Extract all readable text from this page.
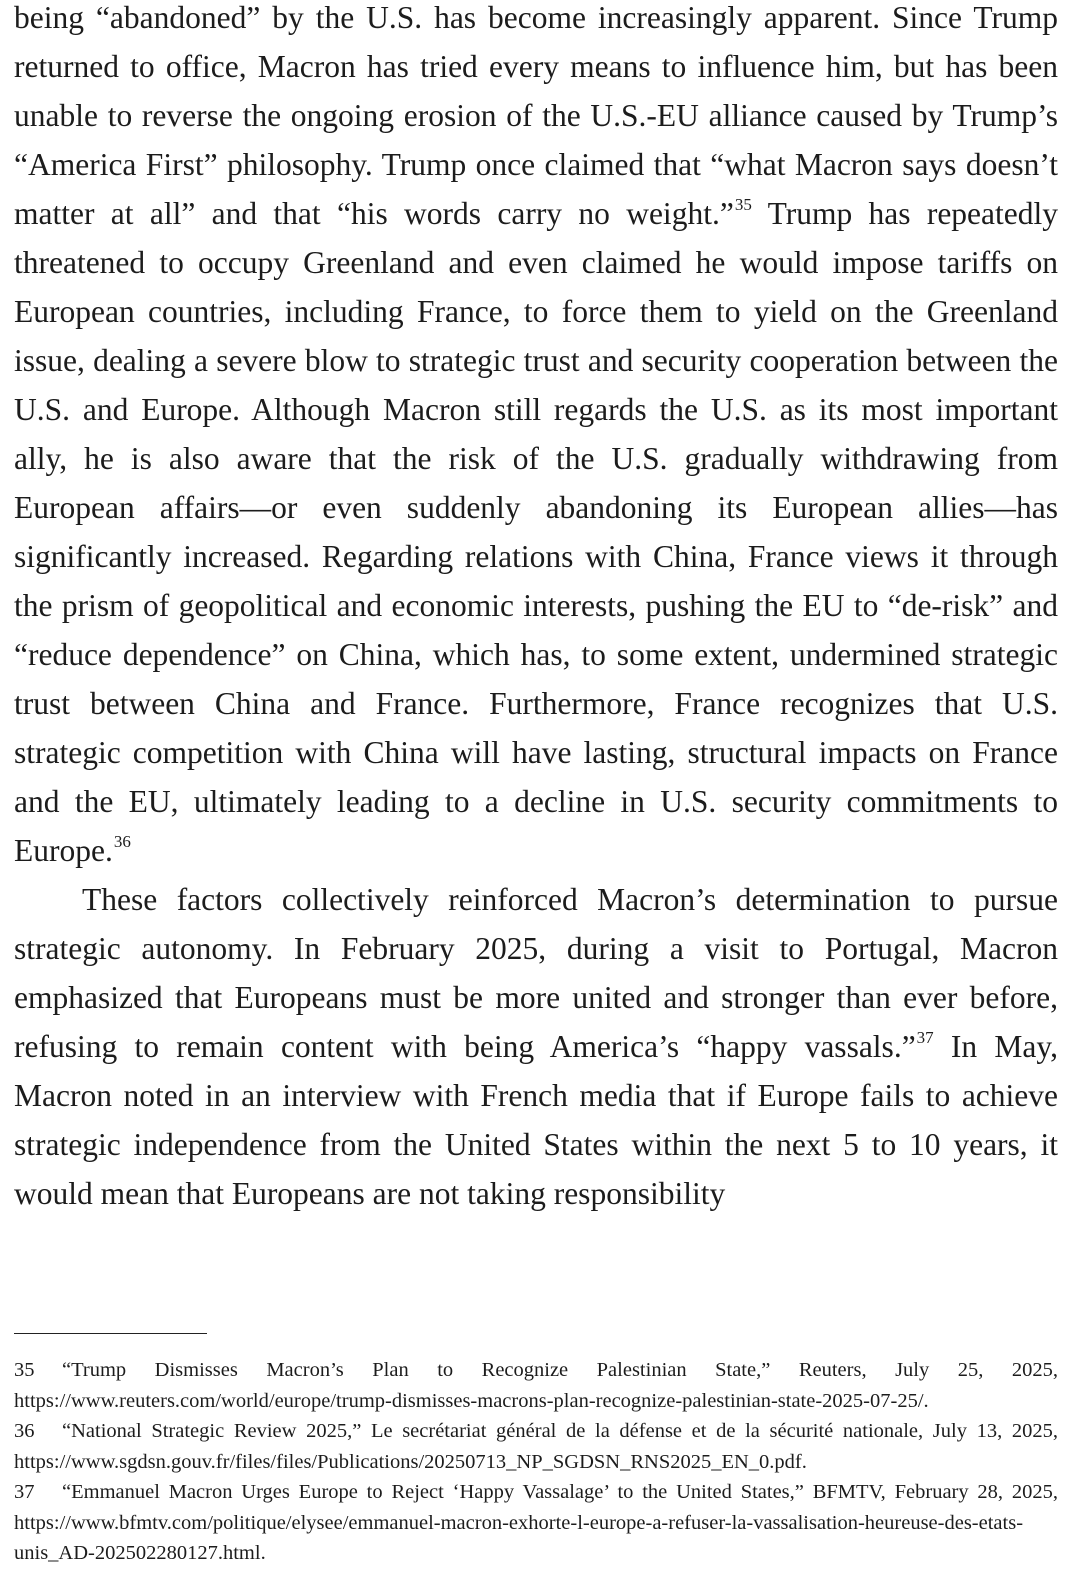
being “abandoned” by the U.S. has become increasingly apparent. Since Trump returned to office, Macron has tried every means to influence him, but has been unable to reverse the ongoing erosion of the U.S.-EU alliance caused by Trump’s “America First” philosophy. Trump once claimed that “what Macron says doesn’t matter at all” and that “his words carry no weight.”$^{35}$ Trump has repeatedly threatened to occupy Greenland and even claimed he would impose tariffs on European countries, including France, to force them to yield on the Greenland issue, dealing a severe blow to strategic trust and security cooperation between the U.S. and Europe. Although Macron still regards the U.S. as its most important ally, he is also aware that the risk of the U.S. gradually withdrawing from European affairs—or even suddenly abandoning its European allies—has significantly increased. Regarding relations with China, France views it through the prism of geopolitical and economic interests, pushing the EU to “de-risk” and “reduce dependence” on China, which has, to some extent, undermined strategic trust between China and France. Furthermore, France recognizes that U.S. strategic competition with China will have lasting, structural impacts on France and the EU, ultimately leading to a decline in U.S. security commitments to Europe.$^{36}$

These factors collectively reinforced Macron’s determination to pursue strategic autonomy. In February 2025, during a visit to Portugal, Macron emphasized that Europeans must be more united and stronger than ever before, refusing to remain content with being America’s “happy vassals.”$^{37}$ In May, Macron noted in an interview with French media that if Europe fails to achieve strategic independence from the United States within the next 5 to 10 years, it would mean that Europeans are not taking responsibility

35 “Trump Dismisses Macron’s Plan to Recognize Palestinian State,” Reuters, July 25, 2025, https://www.reuters.com/world/europe/trump-dismisses-macrons-plan-recognize-palestinian-state-2025-07-25/.

36 “National Strategic Review 2025,” Le secrétariat général de la défense et de la sécurité nationale, July 13, 2025, https://www.sgdsn.gouv.fr/files/files/Publications/20250713_NP_SGDSN_RNS2025_EN_0.pdf.

37 “Emmanuel Macron Urges Europe to Reject ‘Happy Vassalage’ to the United States,” BFMTV, February 28, 2025, https://www.bfmtv.com/politique/elysee/emmanuel-macron-exhorte-l-europe-a-refuser-la-vassalisation-heureuse-des-etats-unis_AD-202502280127.html.
